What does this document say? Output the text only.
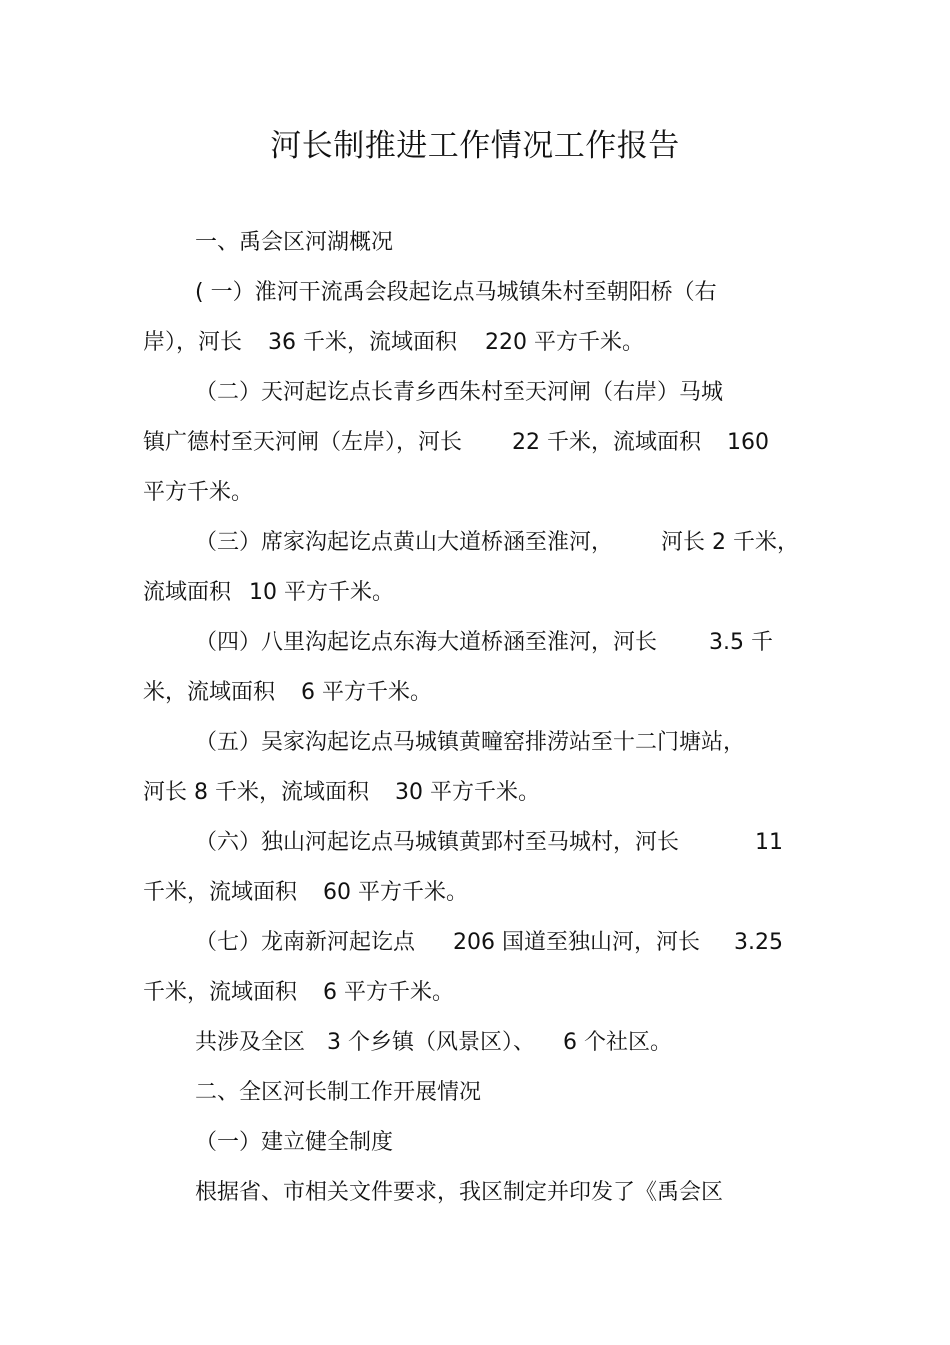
河长制推进工作情况工作报告
一、禹会区河湖概况
( 一）淮河干流禹会段起讫点马城镇朱村至朝阳桥（右
岸），河长 36 千米，流域面积 220 平方千米。
（二）天河起讫点长青乡西朱村至天河闸（右岸）马城
镇广德村至天河闸（左岸），河长 22 千米，流域面积 160
平方千米。
（三）席家沟起讫点黄山大道桥涵至淮河， 河长 2 千米，
流域面积 10 平方千米。
（四）八里沟起讫点东海大道桥涵至淮河，河长 3.5 千
米，流域面积 6 平方千米。
（五）吴家沟起讫点马城镇黄疃窑排涝站至十二门塘站，
河长 8 千米，流域面积 30 平方千米。
（六）独山河起讫点马城镇黄郢村至马城村，河长	11
千米，流域面积 60 平方千米。
（七）龙南新河起讫点 206 国道至独山河，河长 3.25
千米，流域面积 6 平方千米。
共涉及全区 3 个乡镇（风景区）、 6 个社区。
二、全区河长制工作开展情况
（一）建立健全制度
根据省、市相关文件要求，我区制定并印发了《禹会区
